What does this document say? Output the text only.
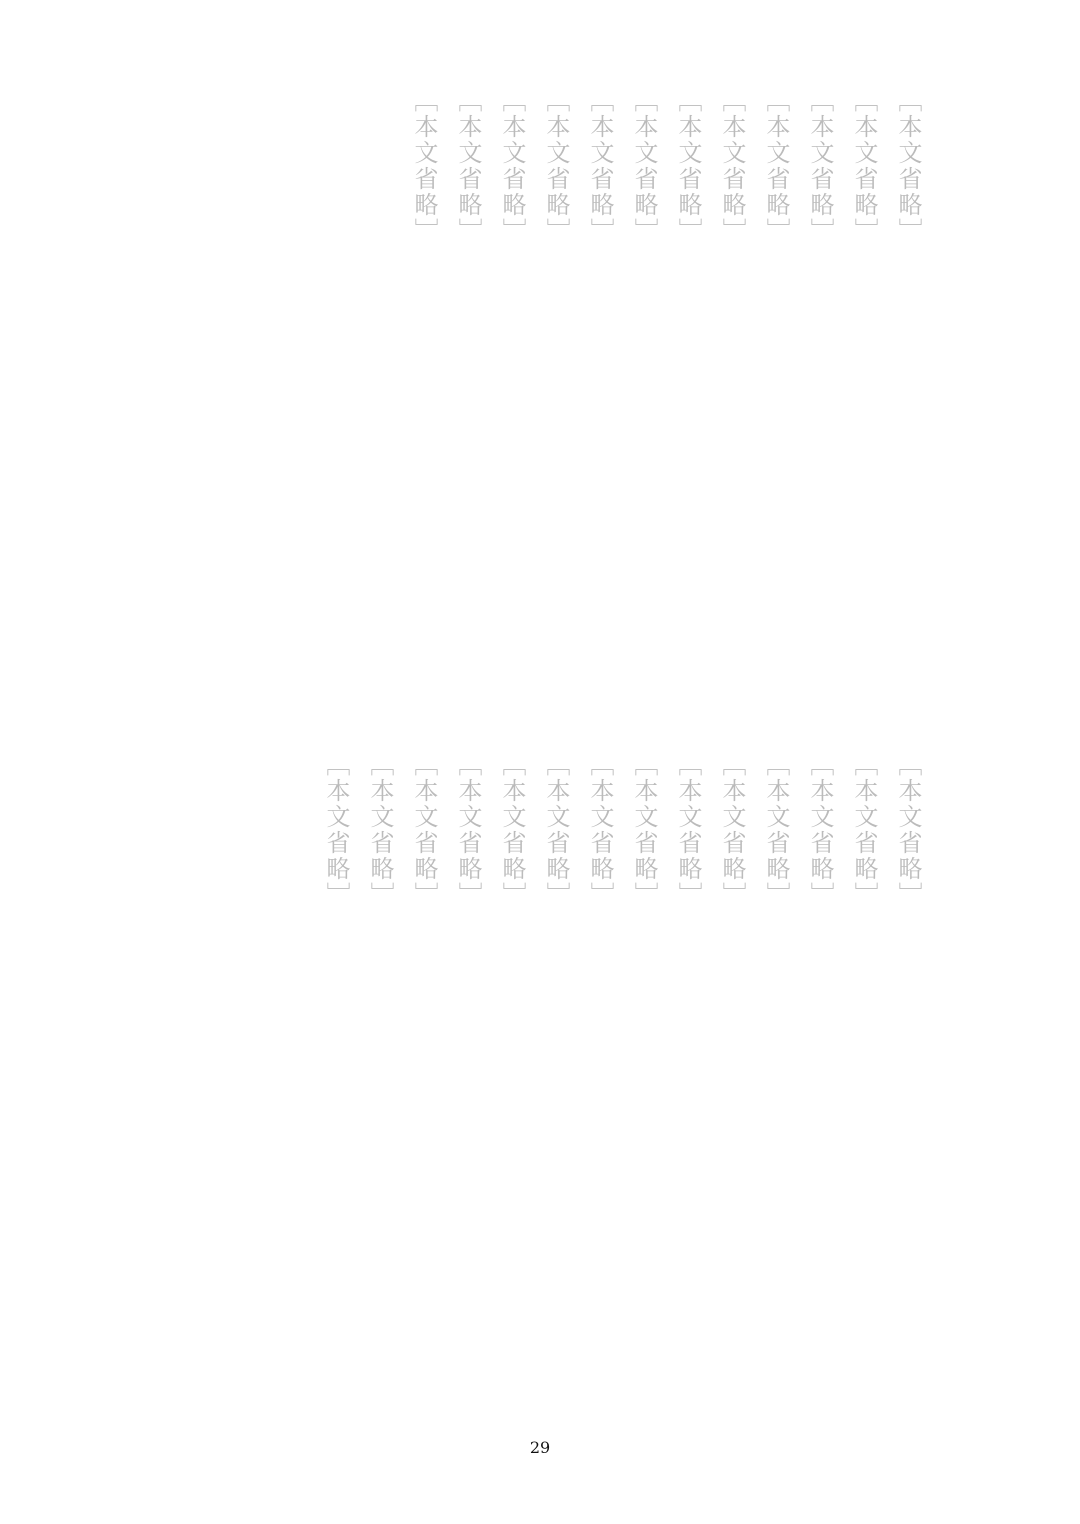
［本文省略］
［本文省略］
［本文省略］
［本文省略］
［本文省略］
［本文省略］
［本文省略］
［本文省略］
［本文省略］
［本文省略］
［本文省略］
［本文省略］
［本文省略］
［本文省略］
［本文省略］
［本文省略］
［本文省略］
［本文省略］
［本文省略］
［本文省略］
［本文省略］
［本文省略］
［本文省略］
［本文省略］
［本文省略］
［本文省略］
29
